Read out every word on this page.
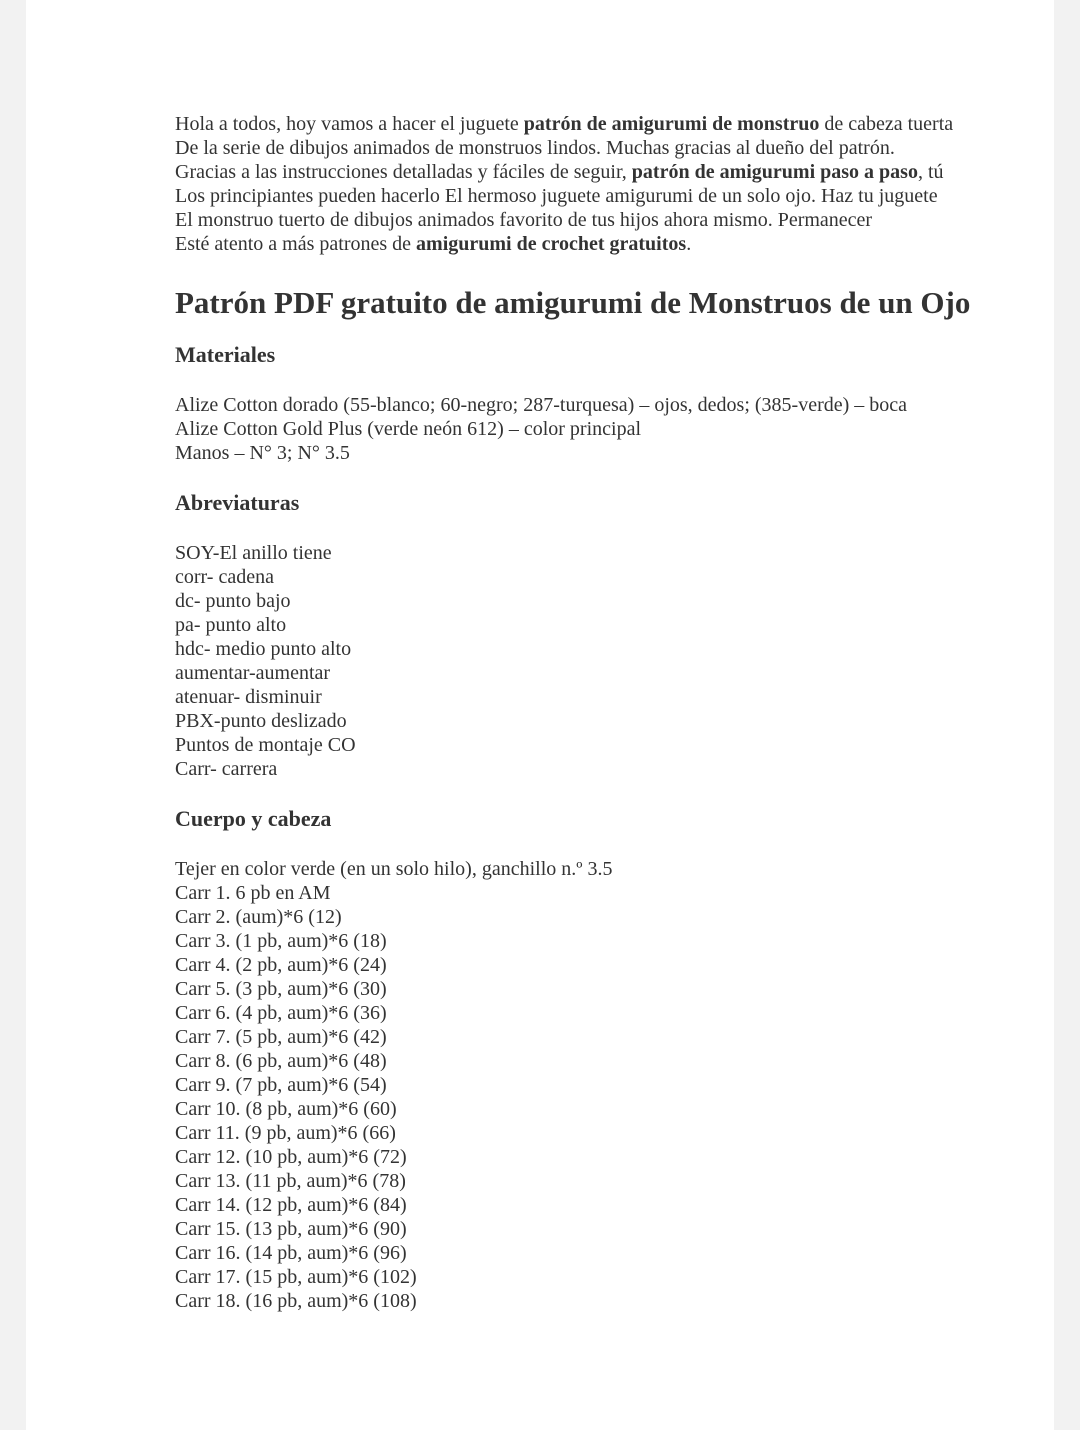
Hola a todos, hoy vamos a hacer el juguete patrón de amigurumi de monstruo de cabeza tuerta

De la serie de dibujos animados de monstruos lindos. Muchas gracias al dueño del patrón.

Gracias a las instrucciones detalladas y fáciles de seguir, patrón de amigurumi paso a paso, tú

Los principiantes pueden hacerlo El hermoso juguete amigurumi de un solo ojo. Haz tu juguete

El monstruo tuerto de dibujos animados favorito de tus hijos ahora mismo. Permanecer

Esté atento a más patrones de amigurumi de crochet gratuitos.

Patrón PDF gratuito de amigurumi de Monstruos de un Ojo
Materiales
Alize Cotton dorado (55-blanco; 60-negro; 287-turquesa) – ojos, dedos; (385-verde) – boca
Alize Cotton Gold Plus (verde neón 612) – color principal
Manos – N° 3; N° 3.5
Abreviaturas
SOY-El anillo tiene
corr- cadena
dc- punto bajo
pa- punto alto
hdc- medio punto alto
aumentar-aumentar
atenuar- disminuir
PBX-punto deslizado
Puntos de montaje CO
Carr- carrera
Cuerpo y cabeza
Tejer en color verde (en un solo hilo), ganchillo n.º 3.5
Carr 1. 6 pb en AM
Carr 2. (aum)*6 (12)
Carr 3. (1 pb, aum)*6 (18)
Carr 4. (2 pb, aum)*6 (24)
Carr 5. (3 pb, aum)*6 (30)
Carr 6. (4 pb, aum)*6 (36)
Carr 7. (5 pb, aum)*6 (42)
Carr 8. (6 pb, aum)*6 (48)
Carr 9. (7 pb, aum)*6 (54)
Carr 10. (8 pb, aum)*6 (60)
Carr 11. (9 pb, aum)*6 (66)
Carr 12. (10 pb, aum)*6 (72)
Carr 13. (11 pb, aum)*6 (78)
Carr 14. (12 pb, aum)*6 (84)
Carr 15. (13 pb, aum)*6 (90)
Carr 16. (14 pb, aum)*6 (96)
Carr 17. (15 pb, aum)*6 (102)
Carr 18. (16 pb, aum)*6 (108)
